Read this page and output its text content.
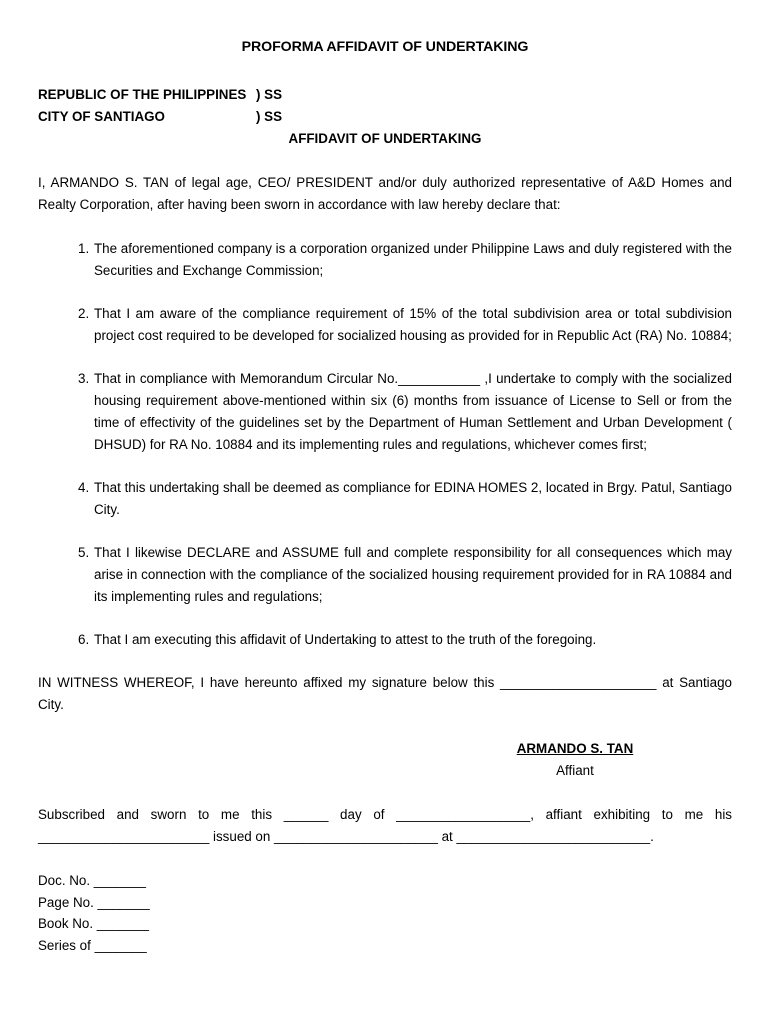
PROFORMA AFFIDAVIT OF UNDERTAKING
REPUBLIC OF THE PHILIPPINES ) SS
CITY OF SANTIAGO	) SS
AFFIDAVIT OF UNDERTAKING

I, ARMANDO S. TAN of legal age, CEO/ PRESIDENT and/or duly authorized representative of A&D Homes and Realty Corporation, after having been sworn in accordance with law hereby declare that:

1. The aforementioned company is a corporation organized under Philippine Laws and duly registered with the Securities and Exchange Commission;
2. That I am aware of the compliance requirement of 15% of the total subdivision area or total subdivision project cost required to be developed for socialized housing as provided for in Republic Act (RA) No. 10884;
3. That in compliance with Memorandum Circular No.___________ ,I undertake to comply with the socialized housing requirement above-mentioned within six (6) months from issuance of License to Sell or from the time of effectivity of the guidelines set by the Department of Human Settlement and Urban Development ( DHSUD) for RA No. 10884 and its implementing rules and regulations, whichever comes first;
4. That this undertaking shall be deemed as compliance for EDINA HOMES 2, located in Brgy. Patul, Santiago City.
5. That I likewise DECLARE and ASSUME full and complete responsibility for all consequences which may arise in connection with the compliance of the socialized housing requirement provided for in RA 10884 and its implementing rules and regulations;
6. That I am executing this affidavit of Undertaking to attest to the truth of the foregoing.

IN WITNESS WHEREOF, I have hereunto affixed my signature below this _____________________ at Santiago City.

ARMANDO S. TAN
Affiant

Subscribed and sworn to me this ______ day of __________________, affiant exhibiting to me his _______________________ issued on ______________________ at __________________________.

Doc. No. _______

Page No. _______

Book No. _______

Series of _______
